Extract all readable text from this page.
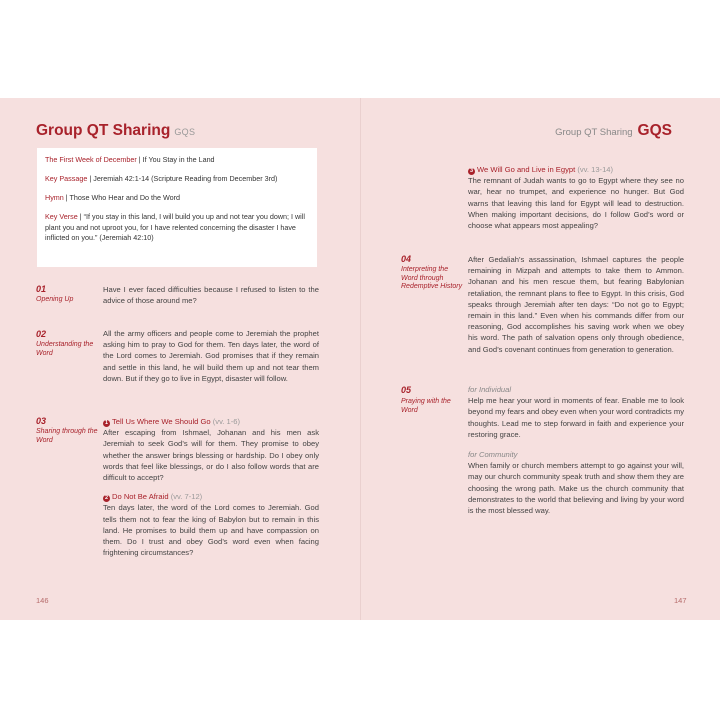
Group QT Sharing GQS

The First Week of December | If You Stay in the Land

Key Passage | Jeremiah 42:1-14 (Scripture Reading from December 3rd)

Hymn | Those Who Hear and Do the Word

Key Verse | “If you stay in this land, I will build you up and not tear you down; I will plant you and not uproot you, for I have relented concerning the disaster I have inflicted on you.” (Jeremiah 42:10)

01
Opening Up
Have I ever faced difficulties because I refused to listen to the advice of those around me?
02
Understanding the Word
All the army officers and people come to Jeremiah the prophet asking him to pray to God for them. Ten days later, the word of the Lord comes to Jeremiah. God promises that if they remain and settle in this land, he will build them up and not tear them down. But if they go to live in Egypt, disaster will follow.
03
Sharing through the Word

1 Tell Us Where We Should Go (vv. 1-6)

After escaping from Ishmael, Johanan and his men ask Jeremiah to seek God’s will for them. They promise to obey whether the answer brings blessing or hardship. Do I obey only words that feel like blessings, or do I also follow words that are difficult to accept?

2 Do Not Be Afraid (vv. 7-12)

Ten days later, the word of the Lord comes to Jeremiah. God tells them not to fear the king of Babylon but to remain in this land. He promises to build them up and have compassion on them. Do I trust and obey God’s word even when facing frightening circumstances?

146
Group QT Sharing GQS

3 We Will Go and Live in Egypt (vv. 13-14)

The remnant of Judah wants to go to Egypt where they see no war, hear no trumpet, and experience no hunger. But God warns that leaving this land for Egypt will lead to destruction. When making important decisions, do I follow God’s word or choose what appears most appealing?

04
Interpreting the Word through Redemptive History
After Gedaliah’s assassination, Ishmael captures the people remaining in Mizpah and attempts to take them to Ammon. Johanan and his men rescue them, but fearing Babylonian retaliation, the remnant plans to flee to Egypt. In this crisis, God speaks through Jeremiah after ten days: “Do not go to Egypt; remain in this land.” Even when his commands differ from our reasoning, God accomplishes his saving work when we obey his word. The path of salvation opens only through obedience, and God’s covenant continues from generation to generation.
05
Praying with the Word

for Individual

Help me hear your word in moments of fear. Enable me to look beyond my fears and obey even when your word contradicts my thoughts. Lead me to step forward in faith and experience your restoring grace.

for Community

When family or church members attempt to go against your will, may our church community speak truth and show them they are choosing the wrong path. Make us the church community that demonstrates to the world that believing and living by your word is the most blessed way.

147
